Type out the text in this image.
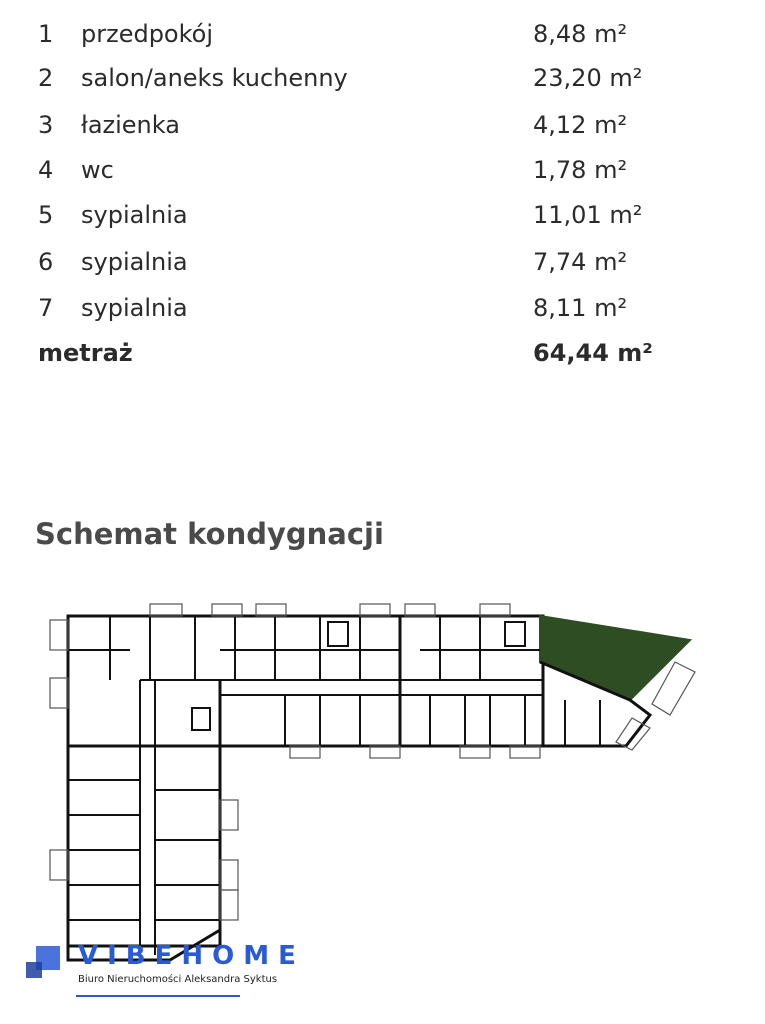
1 przedpokój	8,48 m²
2 salon/aneks kuchenny	23,20 m²
3 łazienka	4,12 m²
4 wc	1,78 m²
5 sypialnia	11,01 m²
6 sypialnia	7,74 m²
7 sypialnia	8,11 m²
metraż	64,44 m²
Schemat kondygnacji
VIBEHOME
Biuro Nieruchomości Aleksandra Syktus
